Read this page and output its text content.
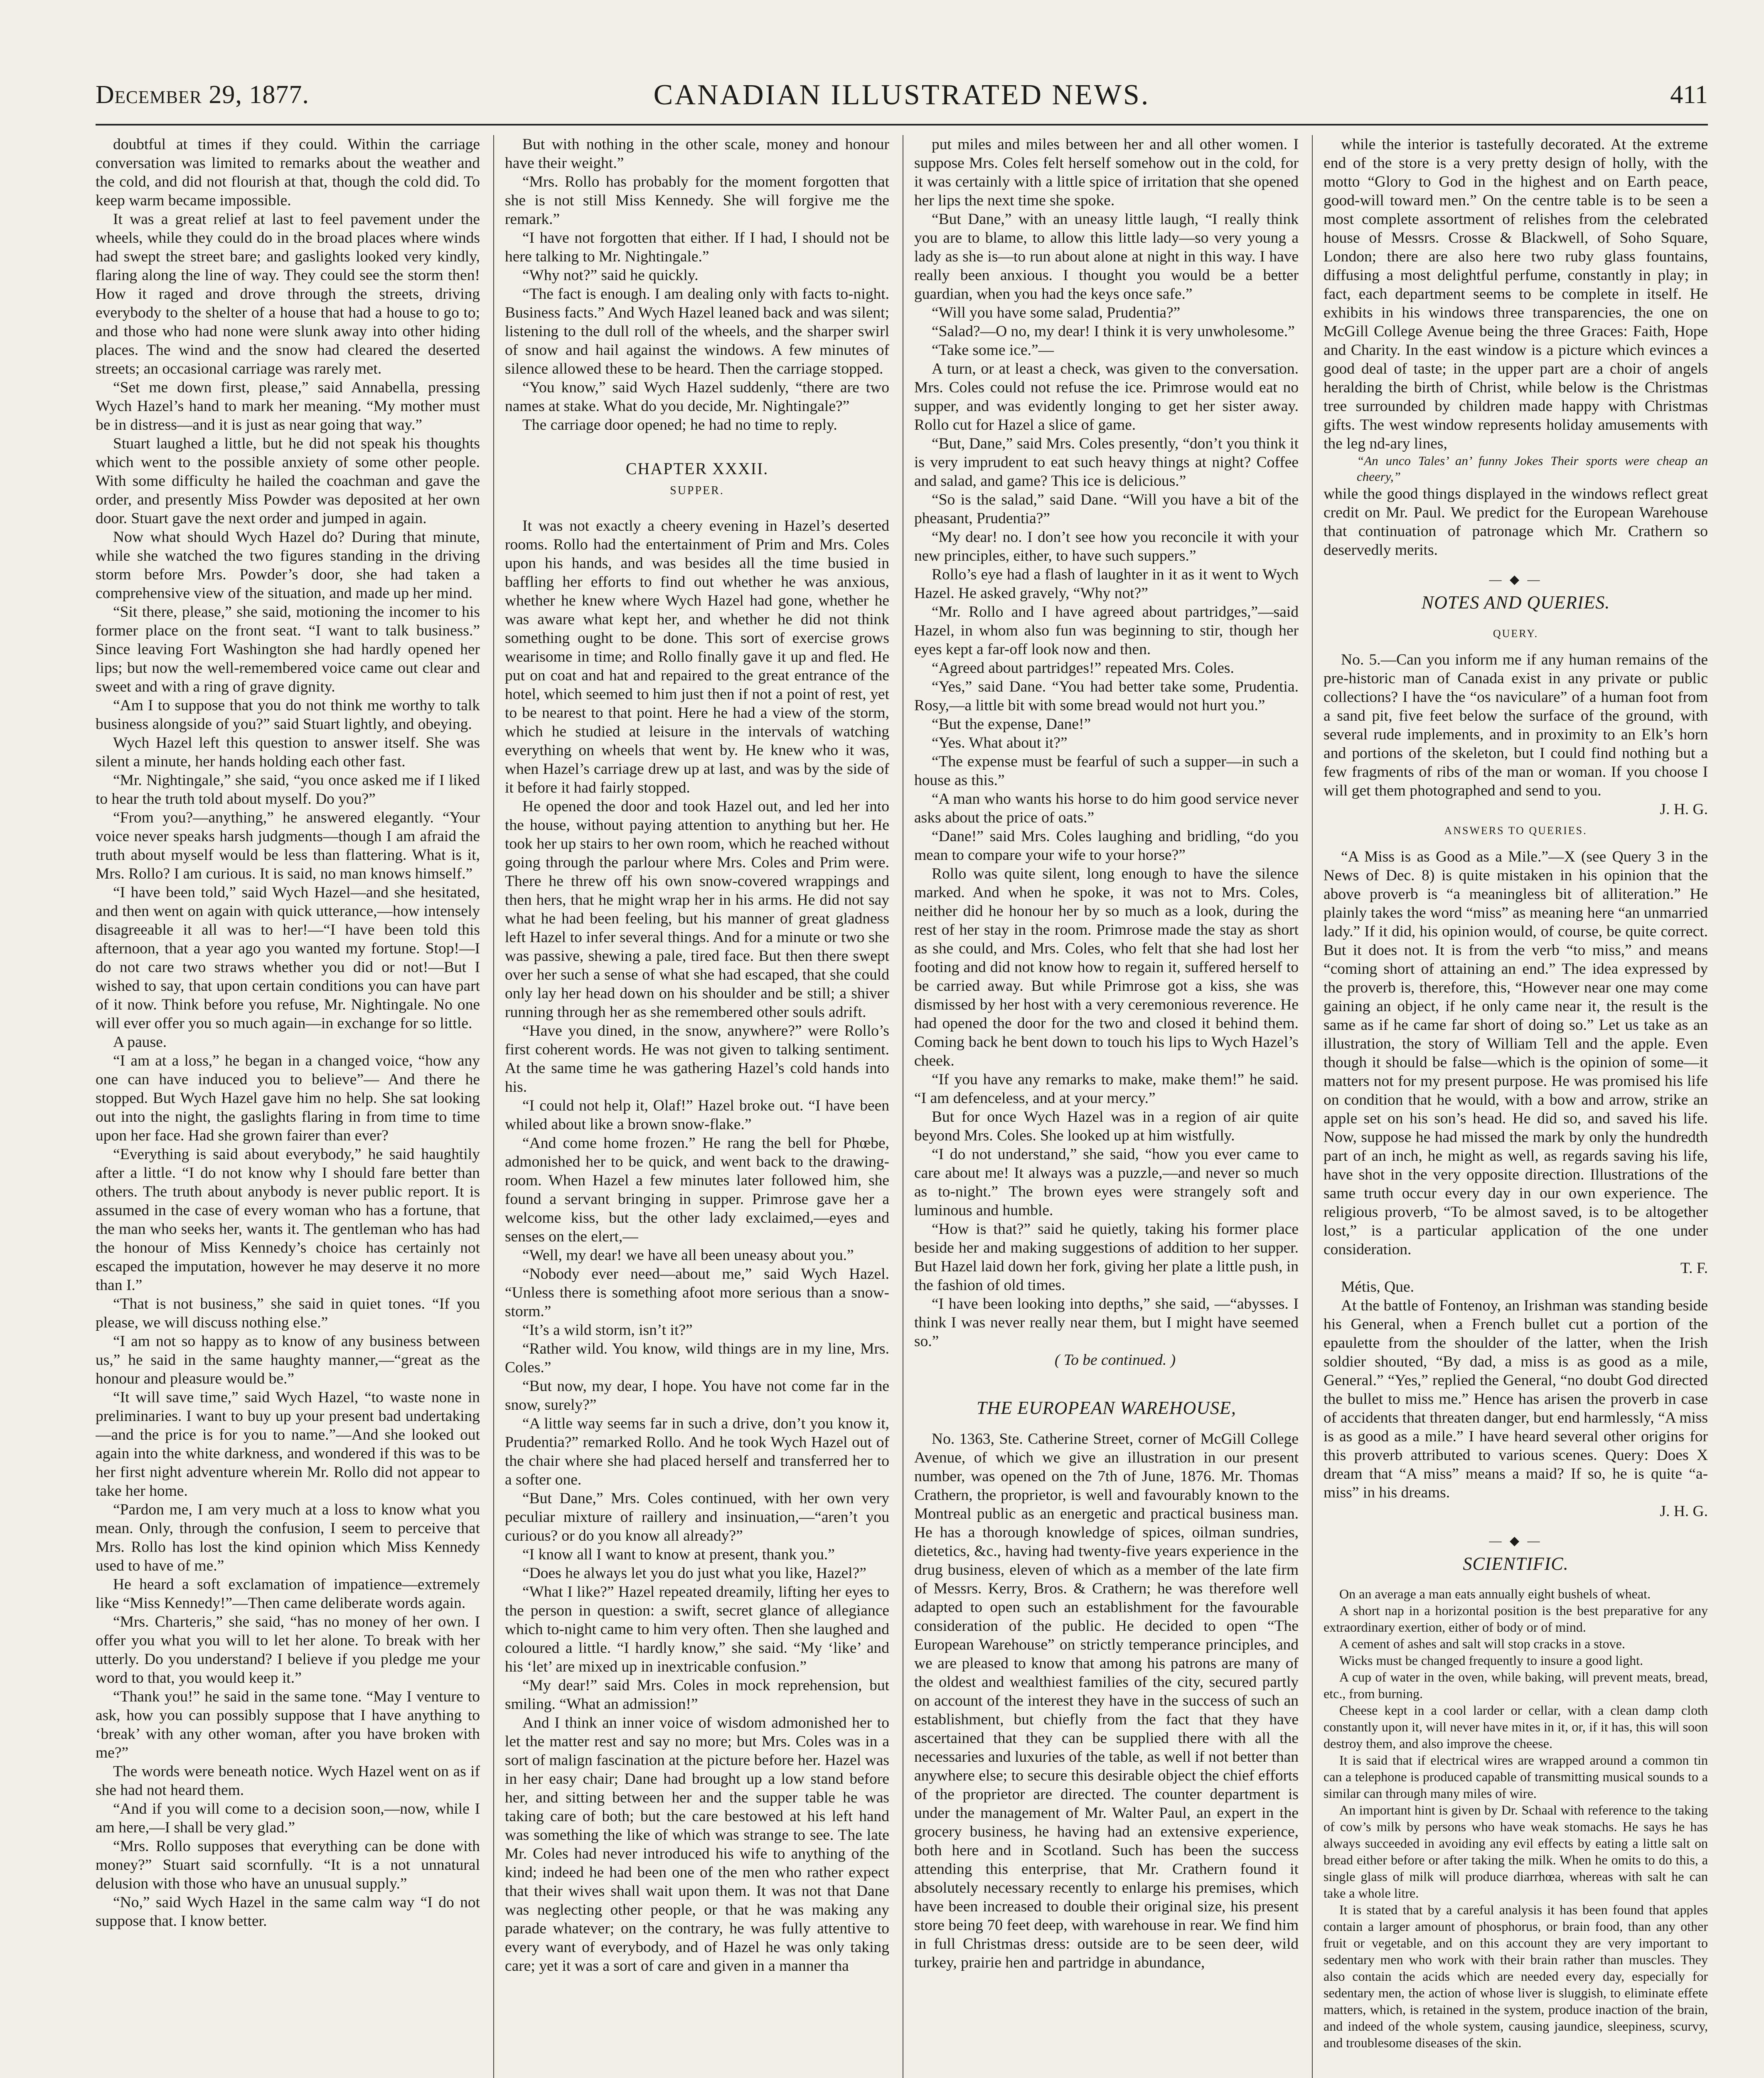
December 29, 1877.	CANADIAN ILLUSTRATED NEWS.	411

doubtful at times if they could. Within the carriage conversation was limited to remarks about the weather and the cold, and did not flourish at that, though the cold did. To keep warm became impossible.

It was a great relief at last to feel pavement under the wheels, while they could do in the broad places where winds had swept the street bare; and gaslights looked very kindly, flaring along the line of way. They could see the storm then! How it raged and drove through the streets, driving everybody to the shelter of a house that had a house to go to; and those who had none were slunk away into other hiding places. The wind and the snow had cleared the deserted streets; an occasional carriage was rarely met.

“Set me down first, please,” said Annabella, pressing Wych Hazel’s hand to mark her meaning. “My mother must be in distress—and it is just as near going that way.”

Stuart laughed a little, but he did not speak his thoughts which went to the possible anxiety of some other people. With some difficulty he hailed the coachman and gave the order, and presently Miss Powder was deposited at her own door. Stuart gave the next order and jumped in again.

Now what should Wych Hazel do? During that minute, while she watched the two figures standing in the driving storm before Mrs. Powder’s door, she had taken a comprehensive view of the situation, and made up her mind.

“Sit there, please,” she said, motioning the incomer to his former place on the front seat. “I want to talk business.” Since leaving Fort Washington she had hardly opened her lips; but now the well-remembered voice came out clear and sweet and with a ring of grave dignity.

“Am I to suppose that you do not think me worthy to talk business alongside of you?” said Stuart lightly, and obeying.

Wych Hazel left this question to answer itself. She was silent a minute, her hands holding each other fast.

“Mr. Nightingale,” she said, “you once asked me if I liked to hear the truth told about myself. Do you?”

“From you?—anything,” he answered elegantly. “Your voice never speaks harsh judgments—though I am afraid the truth about myself would be less than flattering. What is it, Mrs. Rollo? I am curious. It is said, no man knows himself.”

“I have been told,” said Wych Hazel—and she hesitated, and then went on again with quick utterance,—how intensely disagreeable it all was to her!—“I have been told this afternoon, that a year ago you wanted my fortune. Stop!—I do not care two straws whether you did or not!—But I wished to say, that upon certain conditions you can have part of it now. Think before you refuse, Mr. Nightingale. No one will ever offer you so much again—in exchange for so little.

A pause.

“I am at a loss,” he began in a changed voice, “how any one can have induced you to believe”— And there he stopped. But Wych Hazel gave him no help. She sat looking out into the night, the gaslights flaring in from time to time upon her face. Had she grown fairer than ever?

“Everything is said about everybody,” he said haughtily after a little. “I do not know why I should fare better than others. The truth about anybody is never public report. It is assumed in the case of every woman who has a fortune, that the man who seeks her, wants it. The gentleman who has had the honour of Miss Kennedy’s choice has certainly not escaped the imputation, however he may deserve it no more than I.”

“That is not business,” she said in quiet tones. “If you please, we will discuss nothing else.”

“I am not so happy as to know of any business between us,” he said in the same haughty manner,—“great as the honour and pleasure would be.”

“It will save time,” said Wych Hazel, “to waste none in preliminaries. I want to buy up your present bad undertaking—and the price is for you to name.”—And she looked out again into the white darkness, and wondered if this was to be her first night adventure wherein Mr. Rollo did not appear to take her home.

“Pardon me, I am very much at a loss to know what you mean. Only, through the confusion, I seem to perceive that Mrs. Rollo has lost the kind opinion which Miss Kennedy used to have of me.”

He heard a soft exclamation of impatience—extremely like “Miss Kennedy!”—Then came deliberate words again.

“Mrs. Charteris,” she said, “has no money of her own. I offer you what you will to let her alone. To break with her utterly. Do you understand? I believe if you pledge me your word to that, you would keep it.”

“Thank you!” he said in the same tone. “May I venture to ask, how you can possibly suppose that I have anything to ‘break’ with any other woman, after you have broken with me?”

The words were beneath notice. Wych Hazel went on as if she had not heard them.

“And if you will come to a decision soon,—now, while I am here,—I shall be very glad.”

“Mrs. Rollo supposes that everything can be done with money?” Stuart said scornfully. “It is a not unnatural delusion with those who have an unusual supply.”

“No,” said Wych Hazel in the same calm way “I do not suppose that. I know better.

But with nothing in the other scale, money and honour have their weight.”

“Mrs. Rollo has probably for the moment forgotten that she is not still Miss Kennedy. She will forgive me the remark.”

“I have not forgotten that either. If I had, I should not be here talking to Mr. Nightingale.”

“Why not?” said he quickly.

“The fact is enough. I am dealing only with facts to-night. Business facts.” And Wych Hazel leaned back and was silent; listening to the dull roll of the wheels, and the sharper swirl of snow and hail against the windows. A few minutes of silence allowed these to be heard. Then the carriage stopped.

“You know,” said Wych Hazel suddenly, “there are two names at stake. What do you decide, Mr. Nightingale?”

The carriage door opened; he had no time to reply.

CHAPTER XXXII.
SUPPER.

It was not exactly a cheery evening in Hazel’s deserted rooms. Rollo had the entertainment of Prim and Mrs. Coles upon his hands, and was besides all the time busied in baffling her efforts to find out whether he was anxious, whether he knew where Wych Hazel had gone, whether he was aware what kept her, and whether he did not think something ought to be done. This sort of exercise grows wearisome in time; and Rollo finally gave it up and fled. He put on coat and hat and repaired to the great entrance of the hotel, which seemed to him just then if not a point of rest, yet to be nearest to that point. Here he had a view of the storm, which he studied at leisure in the intervals of watching everything on wheels that went by. He knew who it was, when Hazel’s carriage drew up at last, and was by the side of it before it had fairly stopped.

He opened the door and took Hazel out, and led her into the house, without paying attention to anything but her. He took her up stairs to her own room, which he reached without going through the parlour where Mrs. Coles and Prim were. There he threw off his own snow-covered wrappings and then hers, that he might wrap her in his arms. He did not say what he had been feeling, but his manner of great gladness left Hazel to infer several things. And for a minute or two she was passive, shewing a pale, tired face. But then there swept over her such a sense of what she had escaped, that she could only lay her head down on his shoulder and be still; a shiver running through her as she remembered other souls adrift.

“Have you dined, in the snow, anywhere?” were Rollo’s first coherent words. He was not given to talking sentiment. At the same time he was gathering Hazel’s cold hands into his.

“I could not help it, Olaf!” Hazel broke out. “I have been whiled about like a brown snow-flake.”

“And come home frozen.” He rang the bell for Phœbe, admonished her to be quick, and went back to the drawing-room. When Hazel a few minutes later followed him, she found a servant bringing in supper. Primrose gave her a welcome kiss, but the other lady exclaimed,—eyes and senses on the elert,—

“Well, my dear! we have all been uneasy about you.”

“Nobody ever need—about me,” said Wych Hazel. “Unless there is something afoot more serious than a snow-storm.”

“It’s a wild storm, isn’t it?”

“Rather wild. You know, wild things are in my line, Mrs. Coles.”

“But now, my dear, I hope. You have not come far in the snow, surely?”

“A little way seems far in such a drive, don’t you know it, Prudentia?” remarked Rollo. And he took Wych Hazel out of the chair where she had placed herself and transferred her to a softer one.

“But Dane,” Mrs. Coles continued, with her own very peculiar mixture of raillery and insinuation,—“aren’t you curious? or do you know all already?”

“I know all I want to know at present, thank you.”

“Does he always let you do just what you like, Hazel?”

“What I like?” Hazel repeated dreamily, lifting her eyes to the person in question: a swift, secret glance of allegiance which to-night came to him very often. Then she laughed and coloured a little. “I hardly know,” she said. “My ‘like’ and his ‘let’ are mixed up in inextricable confusion.”

“My dear!” said Mrs. Coles in mock reprehension, but smiling. “What an admission!”

And I think an inner voice of wisdom admonished her to let the matter rest and say no more; but Mrs. Coles was in a sort of malign fascination at the picture before her. Hazel was in her easy chair; Dane had brought up a low stand before her, and sitting between her and the supper table he was taking care of both; but the care bestowed at his left hand was something the like of which was strange to see. The late Mr. Coles had never introduced his wife to anything of the kind; indeed he had been one of the men who rather expect that their wives shall wait upon them. It was not that Dane was neglecting other people, or that he was making any parade whatever; on the contrary, he was fully attentive to every want of everybody, and of Hazel he was only taking care; yet it was a sort of care and given in a manner tha

put miles and miles between her and all other women. I suppose Mrs. Coles felt herself somehow out in the cold, for it was certainly with a little spice of irritation that she opened her lips the next time she spoke.

“But Dane,” with an uneasy little laugh, “I really think you are to blame, to allow this little lady—so very young a lady as she is—to run about alone at night in this way. I have really been anxious. I thought you would be a better guardian, when you had the keys once safe.”

“Will you have some salad, Prudentia?”

“Salad?—O no, my dear! I think it is very unwholesome.”

“Take some ice.”—

A turn, or at least a check, was given to the conversation. Mrs. Coles could not refuse the ice. Primrose would eat no supper, and was evidently longing to get her sister away. Rollo cut for Hazel a slice of game.

“But, Dane,” said Mrs. Coles presently, “don’t you think it is very imprudent to eat such heavy things at night? Coffee and salad, and game? This ice is delicious.”

“So is the salad,” said Dane. “Will you have a bit of the pheasant, Prudentia?”

“My dear! no. I don’t see how you reconcile it with your new principles, either, to have such suppers.”

Rollo’s eye had a flash of laughter in it as it went to Wych Hazel. He asked gravely, “Why not?”

“Mr. Rollo and I have agreed about partridges,”—said Hazel, in whom also fun was beginning to stir, though her eyes kept a far-off look now and then.

“Agreed about partridges!” repeated Mrs. Coles.

“Yes,” said Dane. “You had better take some, Prudentia. Rosy,—a little bit with some bread would not hurt you.”

“But the expense, Dane!”

“Yes. What about it?”

“The expense must be fearful of such a supper—in such a house as this.”

“A man who wants his horse to do him good service never asks about the price of oats.”

“Dane!” said Mrs. Coles laughing and bridling, “do you mean to compare your wife to your horse?”

Rollo was quite silent, long enough to have the silence marked. And when he spoke, it was not to Mrs. Coles, neither did he honour her by so much as a look, during the rest of her stay in the room. Primrose made the stay as short as she could, and Mrs. Coles, who felt that she had lost her footing and did not know how to regain it, suffered herself to be carried away. But while Primrose got a kiss, she was dismissed by her host with a very ceremonious reverence. He had opened the door for the two and closed it behind them. Coming back he bent down to touch his lips to Wych Hazel’s cheek.

“If you have any remarks to make, make them!” he said. “I am defenceless, and at your mercy.”

But for once Wych Hazel was in a region of air quite beyond Mrs. Coles. She looked up at him wistfully.

“I do not understand,” she said, “how you ever came to care about me! It always was a puzzle,—and never so much as to-night.” The brown eyes were strangely soft and luminous and humble.

“How is that?” said he quietly, taking his former place beside her and making suggestions of addition to her supper. But Hazel laid down her fork, giving her plate a little push, in the fashion of old times.

“I have been looking into depths,” she said, —“abysses. I think I was never really near them, but I might have seemed so.”

( To be continued. )

THE EUROPEAN WAREHOUSE,

No. 1363, Ste. Catherine Street, corner of McGill College Avenue, of which we give an illustration in our present number, was opened on the 7th of June, 1876. Mr. Thomas Crathern, the proprietor, is well and favourably known to the Montreal public as an energetic and practical business man. He has a thorough knowledge of spices, oilman sundries, dietetics, &c., having had twenty-five years experience in the drug business, eleven of which as a member of the late firm of Messrs. Kerry, Bros. & Crathern; he was therefore well adapted to open such an establishment for the favourable consideration of the public. He decided to open “The European Warehouse” on strictly temperance principles, and we are pleased to know that among his patrons are many of the oldest and wealthiest families of the city, secured partly on account of the interest they have in the success of such an establishment, but chiefly from the fact that they have ascertained that they can be supplied there with all the necessaries and luxuries of the table, as well if not better than anywhere else; to secure this desirable object the chief efforts of the proprietor are directed. The counter department is under the management of Mr. Walter Paul, an expert in the grocery business, he having had an extensive experience, both here and in Scotland. Such has been the success attending this enterprise, that Mr. Crathern found it absolutely necessary recently to enlarge his premises, which have been increased to double their original size, his present store being 70 feet deep, with warehouse in rear. We find him in full Christmas dress: outside are to be seen deer, wild turkey, prairie hen and partridge in abundance,

while the interior is tastefully decorated. At the extreme end of the store is a very pretty design of holly, with the motto “Glory to God in the highest and on Earth peace, good-will toward men.” On the centre table is to be seen a most complete assortment of relishes from the celebrated house of Messrs. Crosse & Blackwell, of Soho Square, London; there are also here two ruby glass fountains, diffusing a most delightful perfume, constantly in play; in fact, each department seems to be complete in itself. He exhibits in his windows three transparencies, the one on McGill College Avenue being the three Graces: Faith, Hope and Charity. In the east window is a picture which evinces a good deal of taste; in the upper part are a choir of angels heralding the birth of Christ, while below is the Christmas tree surrounded by children made happy with Christmas gifts. The west window represents holiday amusements with the leg nd-ary lines,

“An unco Tales’ an’ funny Jokes Their sports were cheap an cheery,”

while the good things displayed in the windows reflect great credit on Mr. Paul. We predict for the European Warehouse that continuation of patronage which Mr. Crathern so deservedly merits.

— ◆ —
NOTES AND QUERIES.
QUERY.

No. 5.—Can you inform me if any human remains of the pre-historic man of Canada exist in any private or public collections? I have the “os naviculare” of a human foot from a sand pit, five feet below the surface of the ground, with several rude implements, and in proximity to an Elk’s horn and portions of the skeleton, but I could find nothing but a few fragments of ribs of the man or woman. If you choose I will get them photographed and send to you.

J. H. G.

ANSWERS TO QUERIES.

“A Miss is as Good as a Mile.”—X (see Query 3 in the News of Dec. 8) is quite mistaken in his opinion that the above proverb is “a meaningless bit of alliteration.” He plainly takes the word “miss” as meaning here “an unmarried lady.” If it did, his opinion would, of course, be quite correct. But it does not. It is from the verb “to miss,” and means “coming short of attaining an end.” The idea expressed by the proverb is, therefore, this, “However near one may come gaining an object, if he only came near it, the result is the same as if he came far short of doing so.” Let us take as an illustration, the story of William Tell and the apple. Even though it should be false—which is the opinion of some—it matters not for my present purpose. He was promised his life on condition that he would, with a bow and arrow, strike an apple set on his son’s head. He did so, and saved his life. Now, suppose he had missed the mark by only the hundredth part of an inch, he might as well, as regards saving his life, have shot in the very opposite direction. Illustrations of the same truth occur every day in our own experience. The religious proverb, “To be almost saved, is to be altogether lost,” is a particular application of the one under consideration.

T. F.

Métis, Que.

At the battle of Fontenoy, an Irishman was standing beside his General, when a French bullet cut a portion of the epaulette from the shoulder of the latter, when the Irish soldier shouted, “By dad, a miss is as good as a mile, General.” “Yes,” replied the General, “no doubt God directed the bullet to miss me.” Hence has arisen the proverb in case of accidents that threaten danger, but end harmlessly, “A miss is as good as a mile.” I have heard several other origins for this proverb attributed to various scenes. Query: Does X dream that “A miss” means a maid? If so, he is quite “a-miss” in his dreams.

J. H. G.

— ◆ —
SCIENTIFIC.

On an average a man eats annually eight bushels of wheat.

A short nap in a horizontal position is the best preparative for any extraordinary exertion, either of body or of mind.

A cement of ashes and salt will stop cracks in a stove.

Wicks must be changed frequently to insure a good light.

A cup of water in the oven, while baking, will prevent meats, bread, etc., from burning.

Cheese kept in a cool larder or cellar, with a clean damp cloth constantly upon it, will never have mites in it, or, if it has, this will soon destroy them, and also improve the cheese.

It is said that if electrical wires are wrapped around a common tin can a telephone is produced capable of transmitting musical sounds to a similar can through many miles of wire.

An important hint is given by Dr. Schaal with reference to the taking of cow’s milk by persons who have weak stomachs. He says he has always succeeded in avoiding any evil effects by eating a little salt on bread either before or after taking the milk. When he omits to do this, a single glass of milk will produce diarrhœa, whereas with salt he can take a whole litre.

It is stated that by a careful analysis it has been found that apples contain a larger amount of phosphorus, or brain food, than any other fruit or vegetable, and on this account they are very important to sedentary men who work with their brain rather than muscles. They also contain the acids which are needed every day, especially for sedentary men, the action of whose liver is sluggish, to eliminate effete matters, which, is retained in the system, produce inaction of the brain, and indeed of the whole system, causing jaundice, sleepiness, scurvy, and troublesome diseases of the skin.
